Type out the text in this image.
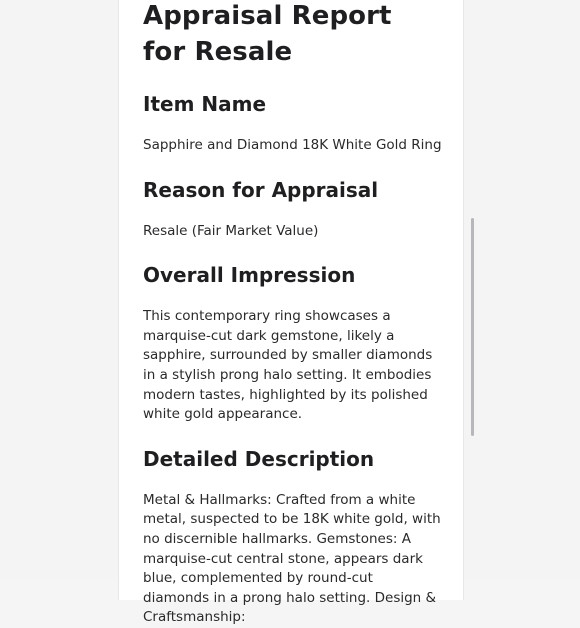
Appraisal Report for Resale
Item Name

Sapphire and Diamond 18K White Gold Ring

Reason for Appraisal

Resale (Fair Market Value)

Overall Impression

This contemporary ring showcases a marquise-cut dark gemstone, likely a sapphire, surrounded by smaller diamonds in a stylish prong halo setting. It embodies modern tastes, highlighted by its polished white gold appearance.

Detailed Description

Metal & Hallmarks: Crafted from a white metal, suspected to be 18K white gold, with no discernible hallmarks. Gemstones: A marquise-cut central stone, appears dark blue, complemented by round-cut diamonds in a prong halo setting. Design & Craftsmanship:
